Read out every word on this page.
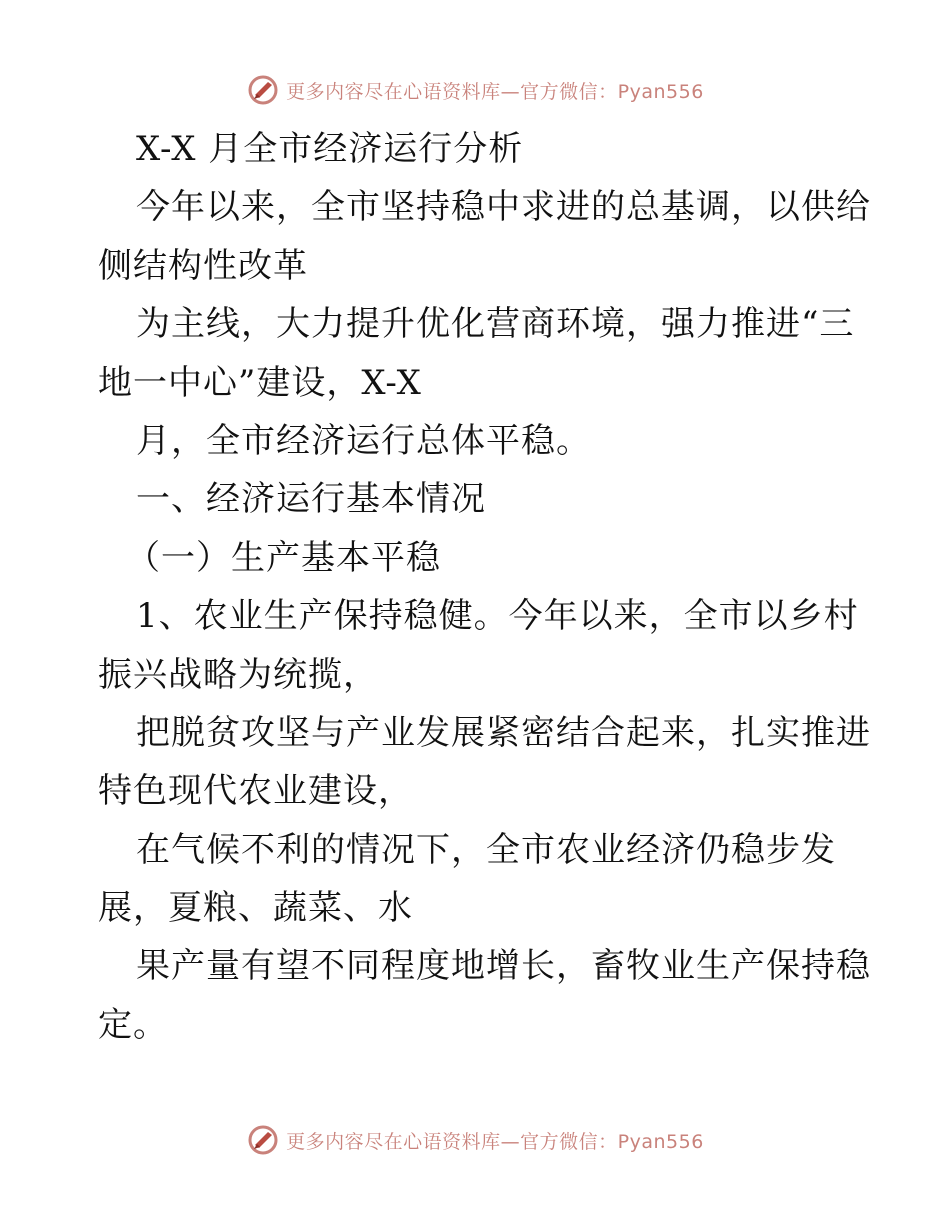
更多内容尽在心语资料库—官方微信：Pyan556

X-X 月全市经济运行分析

今年以来，全市坚持稳中求进的总基调，以供给

侧结构性改革

为主线，大力提升优化营商环境，强力推进“三

地一中心”建设，X-X

月，全市经济运行总体平稳。

一、经济运行基本情况

（一）生产基本平稳

1、农业生产保持稳健。今年以来，全市以乡村

振兴战略为统揽，

把脱贫攻坚与产业发展紧密结合起来，扎实推进

特色现代农业建设，

在气候不利的情况下，全市农业经济仍稳步发

展，夏粮、蔬菜、水

果产量有望不同程度地增长，畜牧业生产保持稳

定。

更多内容尽在心语资料库—官方微信：Pyan556
